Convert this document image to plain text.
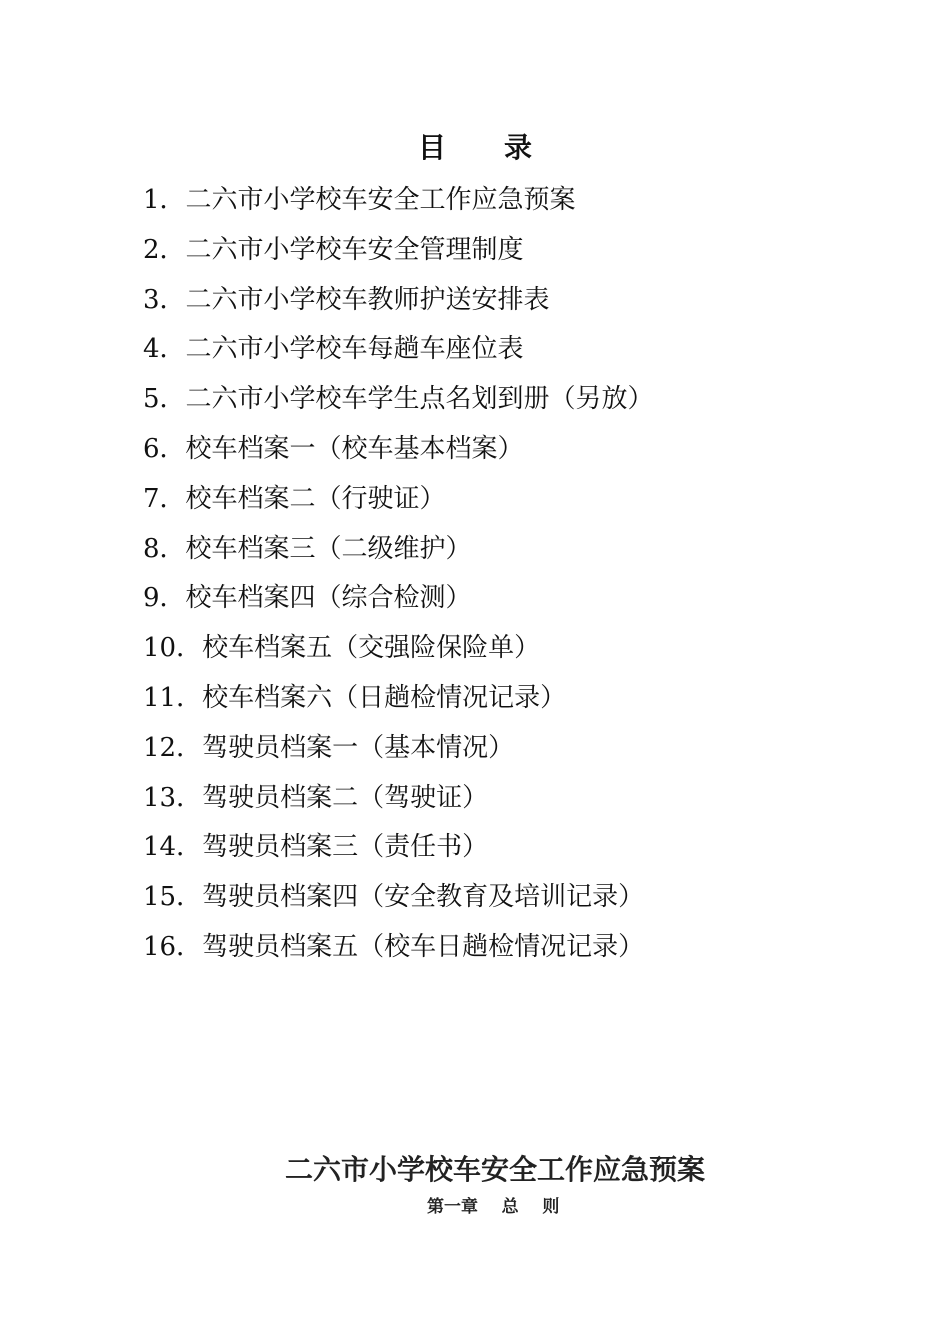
目录
1．二六市小学校车安全工作应急预案
2．二六市小学校车安全管理制度
3．二六市小学校车教师护送安排表
4．二六市小学校车每趟车座位表
5．二六市小学校车学生点名划到册（另放）
6．校车档案一（校车基本档案）
7．校车档案二（行驶证）
8．校车档案三（二级维护）
9．校车档案四（综合检测）
10．校车档案五（交强险保险单）
11．校车档案六（日趟检情况记录）
12．驾驶员档案一（基本情况）
13．驾驶员档案二（驾驶证）
14．驾驶员档案三（责任书）
15．驾驶员档案四（安全教育及培训记录）
16．驾驶员档案五（校车日趟检情况记录）
二六市小学校车安全工作应急预案
第一章    总    则
